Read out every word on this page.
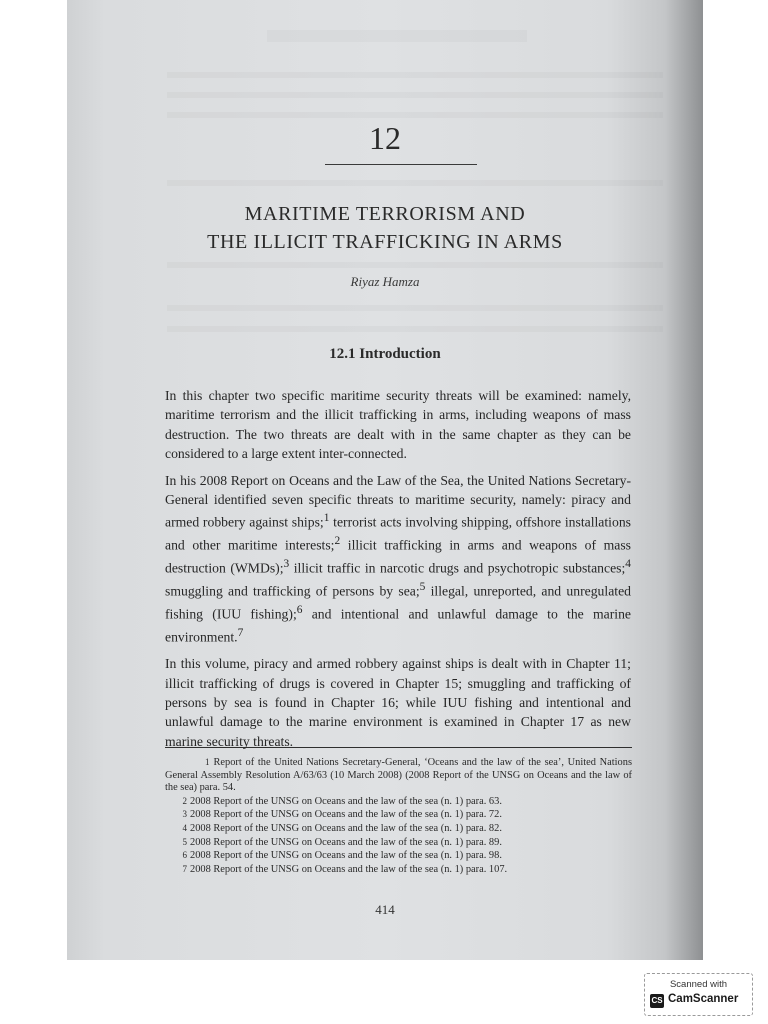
12
MARITIME TERRORISM AND
THE ILLICIT TRAFFICKING IN ARMS
Riyaz Hamza
12.1 Introduction

In this chapter two specific maritime security threats will be examined: namely, maritime terrorism and the illicit trafficking in arms, including weapons of mass destruction. The two threats are dealt with in the same chapter as they can be considered to a large extent inter-connected.

In his 2008 Report on Oceans and the Law of the Sea, the United Nations Secretary-General identified seven specific threats to maritime security, namely: piracy and armed robbery against ships;$^1$ terrorist acts involving shipping, offshore installations and other maritime interests;$^2$ illicit trafficking in arms and weapons of mass destruction (WMDs);$^3$ illicit traffic in narcotic drugs and psychotropic substances;$^4$ smuggling and trafficking of persons by sea;$^5$ illegal, unreported, and unregulated fishing (IUU fishing);$^6$ and intentional and unlawful damage to the marine environment.$^7$

In this volume, piracy and armed robbery against ships is dealt with in Chapter 11; illicit trafficking of drugs is covered in Chapter 15; smuggling and trafficking of persons by sea is found in Chapter 16; while IUU fishing and intentional and unlawful damage to the marine environment is examined in Chapter 17 as new marine security threats.

1 Report of the United Nations Secretary-General, ‘Oceans and the law of the sea’, United Nations General Assembly Resolution A/63/63 (10 March 2008) (2008 Report of the UNSG on Oceans and the law of the sea) para. 54.

2 2008 Report of the UNSG on Oceans and the law of the sea (n. 1) para. 63.

3 2008 Report of the UNSG on Oceans and the law of the sea (n. 1) para. 72.

4 2008 Report of the UNSG on Oceans and the law of the sea (n. 1) para. 82.

5 2008 Report of the UNSG on Oceans and the law of the sea (n. 1) para. 89.

6 2008 Report of the UNSG on Oceans and the law of the sea (n. 1) para. 98.

7 2008 Report of the UNSG on Oceans and the law of the sea (n. 1) para. 107.

414
Scanned with
CS CamScanner
